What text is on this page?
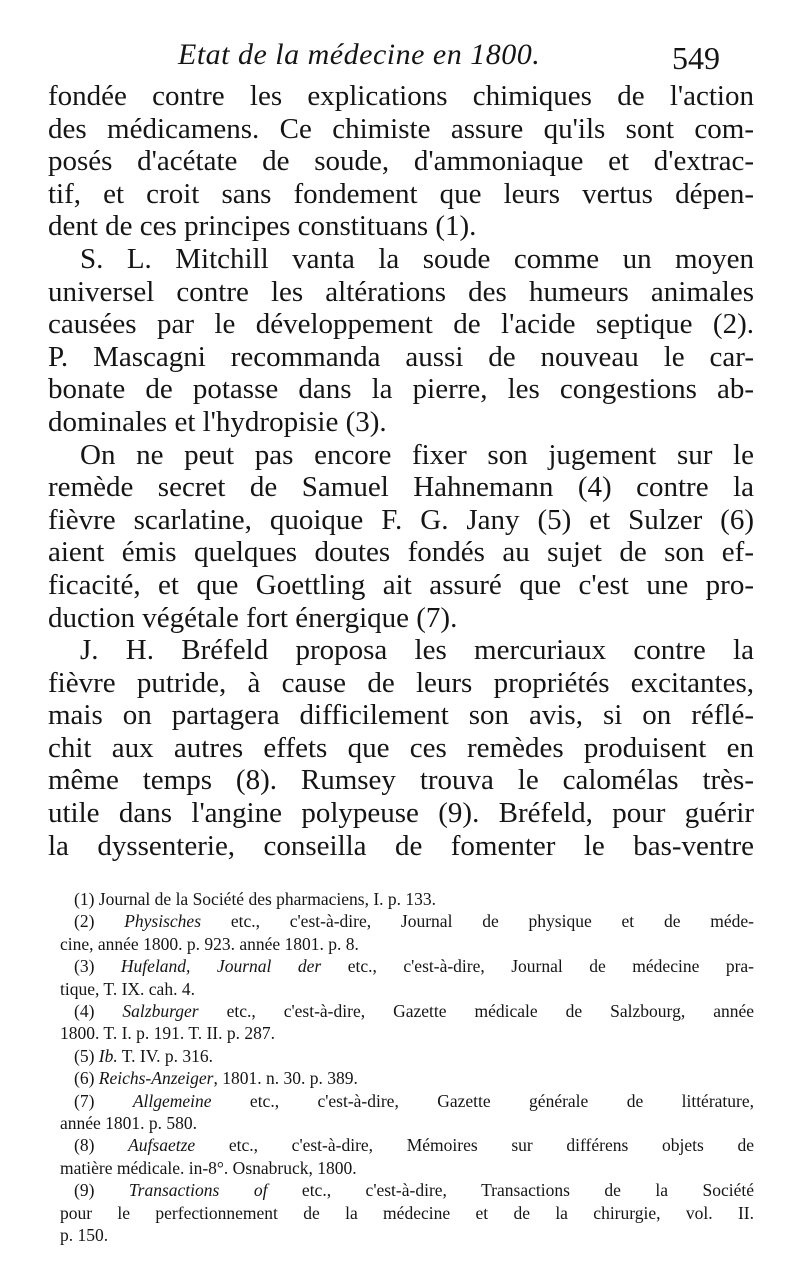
Etat de la médecine en 1800.	549

fondée contre les explications chimiques de l'action
des médicamens. Ce chimiste assure qu'ils sont com-
posés d'acétate de soude, d'ammoniaque et d'extrac-
tif, et croit sans fondement que leurs vertus dépen-
dent de ces principes constituans (1).

S. L. Mitchill vanta la soude comme un moyen
universel contre les altérations des humeurs animales
causées par le développement de l'acide septique (2).
P. Mascagni recommanda aussi de nouveau le car-
bonate de potasse dans la pierre, les congestions ab-
dominales et l'hydropisie (3).

On ne peut pas encore fixer son jugement sur le
remède secret de Samuel Hahnemann (4) contre la
fièvre scarlatine, quoique F. G. Jany (5) et Sulzer (6)
aient émis quelques doutes fondés au sujet de son ef-
ficacité, et que Goettling ait assuré que c'est une pro-
duction végétale fort énergique (7).

J. H. Bréfeld proposa les mercuriaux contre la
fièvre putride, à cause de leurs propriétés excitantes,
mais on partagera difficilement son avis, si on réflé-
chit aux autres effets que ces remèdes produisent en
même temps (8). Rumsey trouva le calomélas très-
utile dans l'angine polypeuse (9). Bréfeld, pour guérir
la dyssenterie, conseilla de fomenter le bas-ventre

(1) Journal de la Société des pharmaciens, I. p. 133.
(2) Physisches etc., c'est-à-dire, Journal de physique et de méde-
cine, année 1800. p. 923. année 1801. p. 8.
(3) Hufeland, Journal der etc., c'est-à-dire, Journal de médecine pra-
tique, T. IX. cah. 4.
(4) Salzburger etc., c'est-à-dire, Gazette médicale de Salzbourg, année
1800. T. I. p. 191. T. II. p. 287.
(5) Ib. T. IV. p. 316.
(6) Reichs-Anzeiger, 1801. n. 30. p. 389.
(7) Allgemeine etc., c'est-à-dire, Gazette générale de littérature,
année 1801. p. 580.
(8) Aufsaetze etc., c'est-à-dire, Mémoires sur différens objets de
matière médicale. in-8°. Osnabruck, 1800.
(9) Transactions of etc., c'est-à-dire, Transactions de la Société
pour le perfectionnement de la médecine et de la chirurgie, vol. II.
p. 150.
